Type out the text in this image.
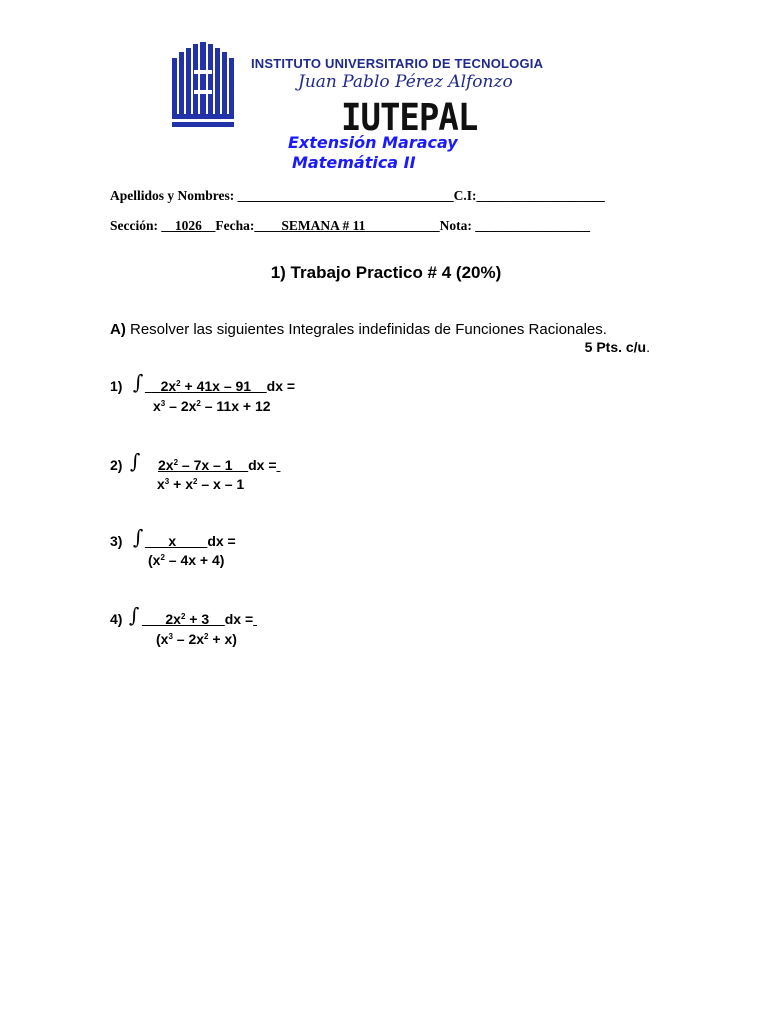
INSTITUTO UNIVERSITARIO DE TECNOLOGIA
Juan Pablo Pérez Alfonzo
IUTEPAL
Extensión Maracay
Matemática II
Apellidos y Nombres: ________________________________C.I:___________________
Sección: __1026__Fecha:____SEMANA # 11___________Nota: _________________
1) Trabajo Practico # 4 (20%)
A) Resolver las siguientes Integrales indefinidas de Funciones Racionales.
5 Pts. c/u.
1) ∫ $\_\_2x^2 + 41x$ – 91__dx =
$x^3 - 2x^2 - 11x + 12$
2) ∫ $2x^2 - 7x$ – 1__dx =
$x^3 + x^2 - x - 1$
3) ∫ ___x____dx =
$(x^2 - 4x + 4)$
4) ∫ $\_\_\_2x^2$ + 3__dx =
$(x^3 - 2x^2 + x)$
